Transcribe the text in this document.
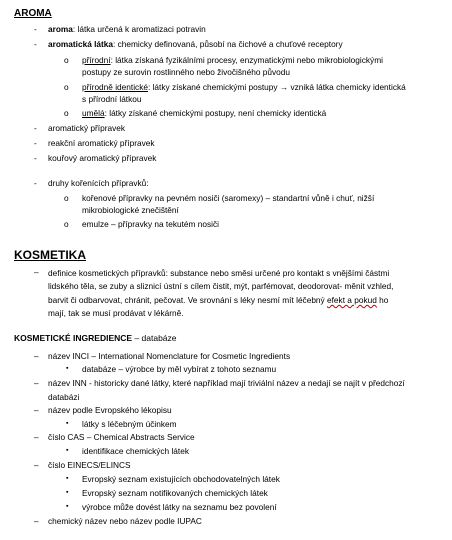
AROMA
- aroma: látka určená k aromatizaci potravin
- aromatická látka: chemicky definovaná, působí na čichové a chuťové receptory
o přírodní: látka získaná fyzikálními procesy, enzymatickými nebo mikrobiologickými
postupy ze surovin rostlinného nebo živočišného původu
o přírodně identické: látky získané chemickými postupy → vzniká látka chemicky identická
s přírodní látkou
o umělá: látky získané chemickými postupy, není chemicky identická
- aromatický přípravek
- reakční aromatický přípravek
- kouřový aromatický přípravek
- druhy kořenících přípravků:
o kořenové přípravky na pevném nosiči (saromexy) – standartní vůně i chuť, nižší
mikrobiologické znečištění
o emulze – přípravky na tekutém nosiči
KOSMETIKA
– definice kosmetických přípravků: substance nebo směsi určené pro kontakt s vnějšími částmi
lidského těla, se zuby a sliznicí ústní s cílem čistit, mýt, parfémovat, deodorovat- měnit vzhled,
barvit či odbarvovat, chránit, pečovat. Ve srovnání s léky nesmí mít léčebný efekt a pokud ho
mají, tak se musí prodávat v lékárně.
KOSMETICKÉ INGREDIENCE – databáze
– název INCI – International Nomenclature for Cosmetic Ingredients
▪ databáze – výrobce by měl vybírat z tohoto seznamu
– název INN - historicky dané látky, které například mají triviální název a nedají se najít v předchozí
databázi
– název podle Evropského lékopisu
▪ látky s léčebným účinkem
– číslo CAS – Chemical Abstracts Service
▪ identifikace chemických látek
– číslo EINECS/ELINCS
▪ Evropský seznam existujících obchodovatelných látek
▪ Evropský seznam notifikovaných chemických látek
▪ výrobce může dovést látky na seznamu bez povolení
– chemický název nebo název podle IUPAC
